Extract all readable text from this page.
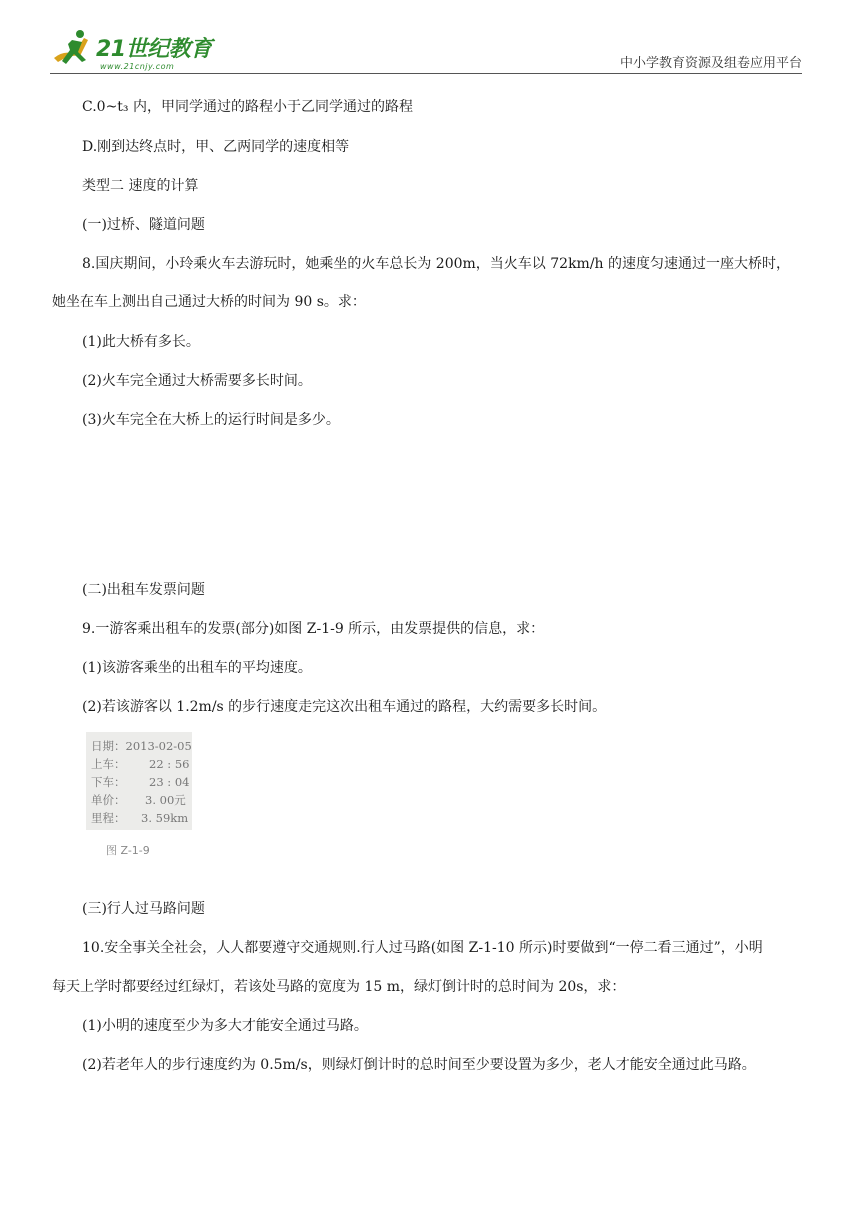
21世纪教育
www.21cnjy.com	中小学教育资源及组卷应用平台
C.0~t₃ 内，甲同学通过的路程小于乙同学通过的路程
D.刚到达终点时，甲、乙两同学的速度相等
类型二 速度的计算
(一)过桥、隧道问题
8.国庆期间，小玲乘火车去游玩时，她乘坐的火车总长为 200m，当火车以 72km/h 的速度匀速通过一座大桥时，
她坐在车上测出自己通过大桥的时间为 90 s。求：
(1)此大桥有多长。
(2)火车完全通过大桥需要多长时间。
(3)火车完全在大桥上的运行时间是多少。
(二)出租车发票问题
9.一游客乘出租车的发票(部分)如图 Z-1-9 所示，由发票提供的信息，求：
(1)该游客乘坐的出租车的平均速度。
(2)若该游客以 1.2m/s 的步行速度走完这次出租车通过的路程，大约需要多长时间。
日期：2013-02-05
上车： 22 : 56
下车： 23 : 04
单价： 3. 00元
里程： 3. 59km
图 Z-1-9
(三)行人过马路问题
10.安全事关全社会，人人都要遵守交通规则.行人过马路(如图 Z-1-10 所示)时要做到“一停二看三通过”，小明
每天上学时都要经过红绿灯，若该处马路的宽度为 15 m，绿灯倒计时的总时间为 20s，求：
(1)小明的速度至少为多大才能安全通过马路。
(2)若老年人的步行速度约为 0.5m/s，则绿灯倒计时的总时间至少要设置为多少，老人才能安全通过此马路。
